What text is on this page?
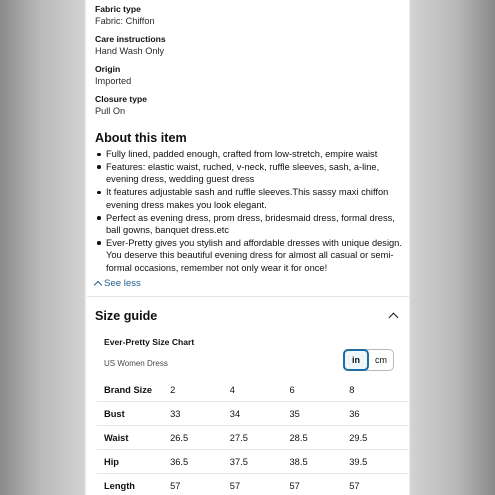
Fabric type
Fabric: Chiffon
Care instructions
Hand Wash Only
Origin
Imported
Closure type
Pull On
About this item
Fully lined, padded enough, crafted from low-stretch, empire waist
Features: elastic waist, ruched, v-neck, ruffle sleeves, sash, a-line, evening dress, wedding guest dress
It features adjustable sash and ruffle sleeves.This sassy maxi chiffon evening dress makes you look elegant.
Perfect as evening dress, prom dress, bridesmaid dress, formal dress, ball gowns, banquet dress.etc
Ever-Pretty gives you stylish and affordable dresses with unique design. You deserve this beautiful evening dress for almost all casual or semi-formal occasions, remember not only wear it for once!
See less
Size guide
Ever-Pretty Size Chart
US Women Dress	in	cm
Brand Size	2	4	6	8
Bust	33	34	35	36
Waist	26.5	27.5	28.5	29.5
Hip	36.5	37.5	38.5	39.5
Length	57	57	57	57
